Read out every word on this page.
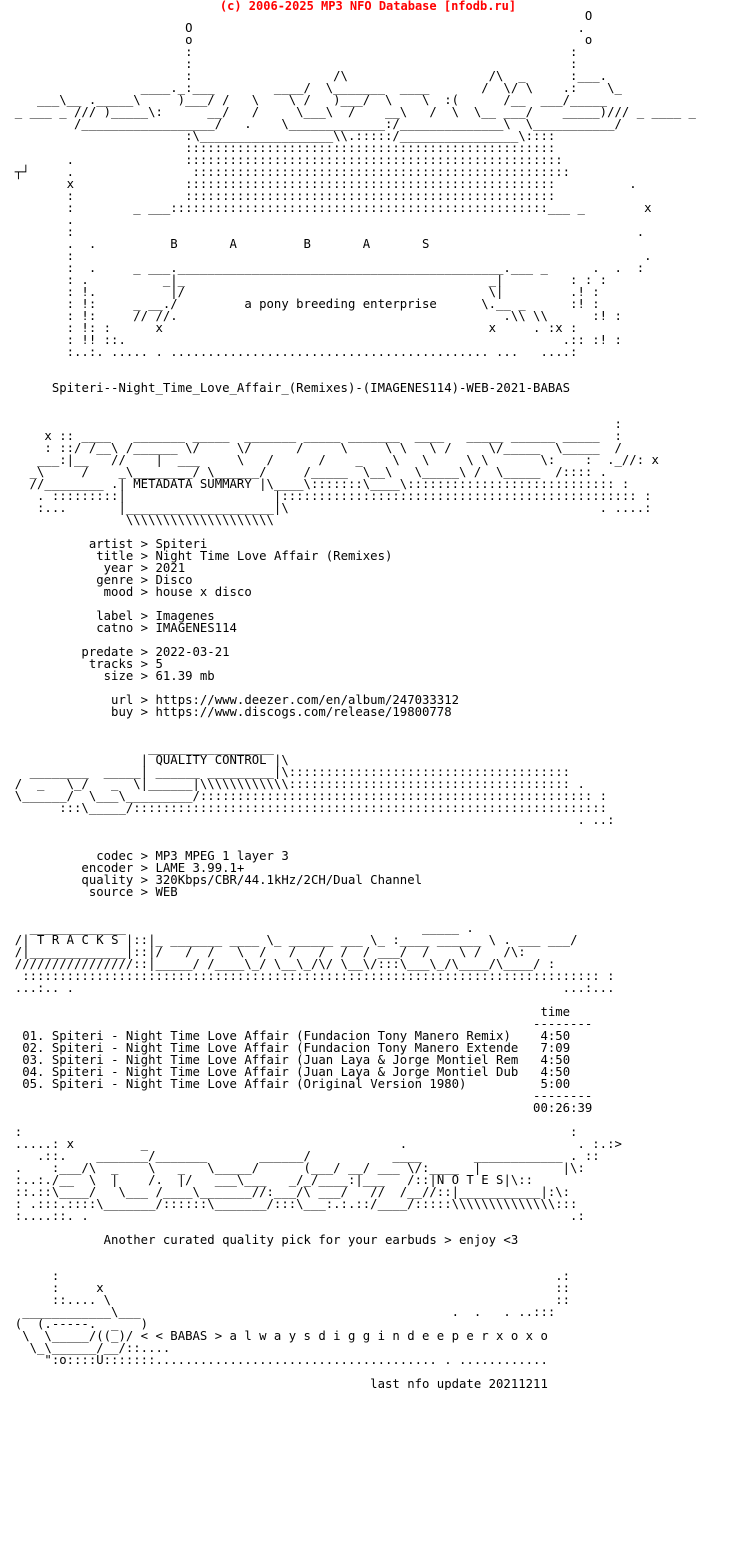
(c) 2006-2025 MP3 NFO Database [nfodb.ru]
O
O                                                    .
o                                                     o
:                                                   :
:                                                   :
:                   /\                   /\  _      :___.
____._:___        ____/  \_______  ____       /  \/ \    .:    \_
___\__ ._____\     )___/ /   \    \ /   )___/  \    \  :(      /__  ___/_____
_ ___ _ /// )_____\:      __/   /     \___\  /    __\   /  \  \__ ___/    _____)/// _ ____ _
/__________________/   .    \_____________:/______________\  \___________/
:\__________________\\.:::::/________________\::::
::::::::::::::::::::::::::::::::::::::::::::::::::
.               :::::::::::::::::::::::::::::::::::::::::::::::::::
┬┘     .                :::::::::::::::::::::::::::::::::::::::::::::::::::
x               ::::::::::::::::::::::::::::::::::::::::::::::::::          .
:               ::::::::::::::::::::::::::::::::::::::::::::::::::
:        _ ___:::::::::::::::::::::::::::::::::::::::::::::::::::___ _        x
.
:                                                                            .
.  .	B       A         B       A       S
:                                                                             .
:  .     _ ___.____________________________________________.___ _      .  .  :
: .          _|_                                         _|         : : :
: !.          |/                                         \|         .! :
: !:     _ __./	a pony breeding enterprise	\.__ _      :! :
: !:     // //.                                            .\\ \\      :! :
: !: :      x                                            x     . :x :
: !! ::.                                                           .:: :! :
:..:. ..... . ........................................... ...   ....:

Spiteri--Night_Time_Love_Affair_(Remixes)-(IMAGENES114)-WEB-2021-BABAS

:
x :: ____   _______ _____  _______ _____ _______  ____   _____ ______ _____  :
: ::/ /__\ /______ \/     \/      /     \     \ \   \ /     \/_____  \_____  /
___:|__   //    |  ___     \   /      /    _    \   \     \ \       \:    :  ._//: x
_\     /    _\________/ \______/     /_____  \__\   \_____\ /  \_____  /:::: .
//________ .| METADATA SUMMARY |\____\:::::::\____\:::::::::::::::::::::::::::: :
. :::::::::|                    |:::::::::::::::::::::::::::::::::::::::::::::::: :
:...       |____________________|\                                          . ....:
\\\\\\\\\\\\\\\\\\\\

artist > Spiteri
title > Night Time Love Affair (Remixes)
year > 2021
genre > Disco
mood > house x disco

label > Imagenes
catno > IMAGENES114

predate > 2022-03-21
tracks > 5
size > 61.39 mb

url > https://www.deezer.com/en/album/247033312
buy > https://www.discogs.com/release/19800778

_________________
| QUALITY CONTROL |\
________  _____| ______ _________|\::::::::::::::::::::::::::::::::::::::
/  _   \_/   _  \|______|\\\\\\\\\\\\:::::::::::::::::::::::::::::::::::::: .
\______/  \___\_________/::::::::::::::::::::::::::::::::::::::::::::::::::::: :
:::\_____/::::::::::::::::::::::::::::::::::::::::::::::::::::::::::::::::
. ..:

codec > MP3 MPEG 1 layer 3
encoder > LAME 3.99.1+
quality > 320Kbps/CBR/44.1kHz/2CH/Dual Channel
source > WEB

_____________                                        _____ .
/| T R A C K S |::|_ _______ ____ \_ ______ ___ \_ :____ ______ \ . ___ ___/
/|_____________|::|/   /  /   \  /   /   /  /  / ___/  /    \ /   /\:
////////////////::|_____/ /____\_/ \__\_/\/ \__\/:::\___\_/\____/\____/ :
:::::::::::::::::::::::::::::::::::::::::::::::::::::::::::::::::::::::::::::: :
...:.. .                                                                  ...:...

time
--------
01. Spiteri - Night Time Love Affair (Fundacion Tony Manero Remix)    4:50
02. Spiteri - Night Time Love Affair (Fundacion Tony Manero Extende   7:09
03. Spiteri - Night Time Love Affair (Juan Laya & Jorge Montiel Rem   4:50
04. Spiteri - Night Time Love Affair (Juan Laya & Jorge Montiel Dub   4:50
05. Spiteri - Night Time Love Affair (Original Version 1980)          5:00
--------
00:26:39

:                                                                          :
.....: x         _                                  .                       . :.:>
.::.    _______/_______       ______/           ____       ____________ . ::
.    :___/\  _    \   _   \_____/      (___/ __/ ___ \/:____  |           |\:
:..:./__  \  |    /.  |/   ___\___   _/_/____:|___   /::|N O T E S|\::
::.::\____/   \___ /____\_______//:___/\ ___/   //  /__//::|___________|:\:
: .:::.::::\_______/::::::\_______/:::\___:.:.::/____/:::::\\\\\\\\\\\\\\:::
:....::. .                                                                 .:

Another curated quality pick for your earbuds > enjoy <3

:                                                                   .:
:     x                                                             ::
::.... \                                                            ::
____________\___                                          .  .   . ..:::
(  (.-----.  _   )
\  \_____/((_)/ < < BABAS > a l w a y s d i g g i n d e e p e r x o x o
\_\______/__/::....
":o::::U:::::::...................................... . ............

last nfo update 20211211
